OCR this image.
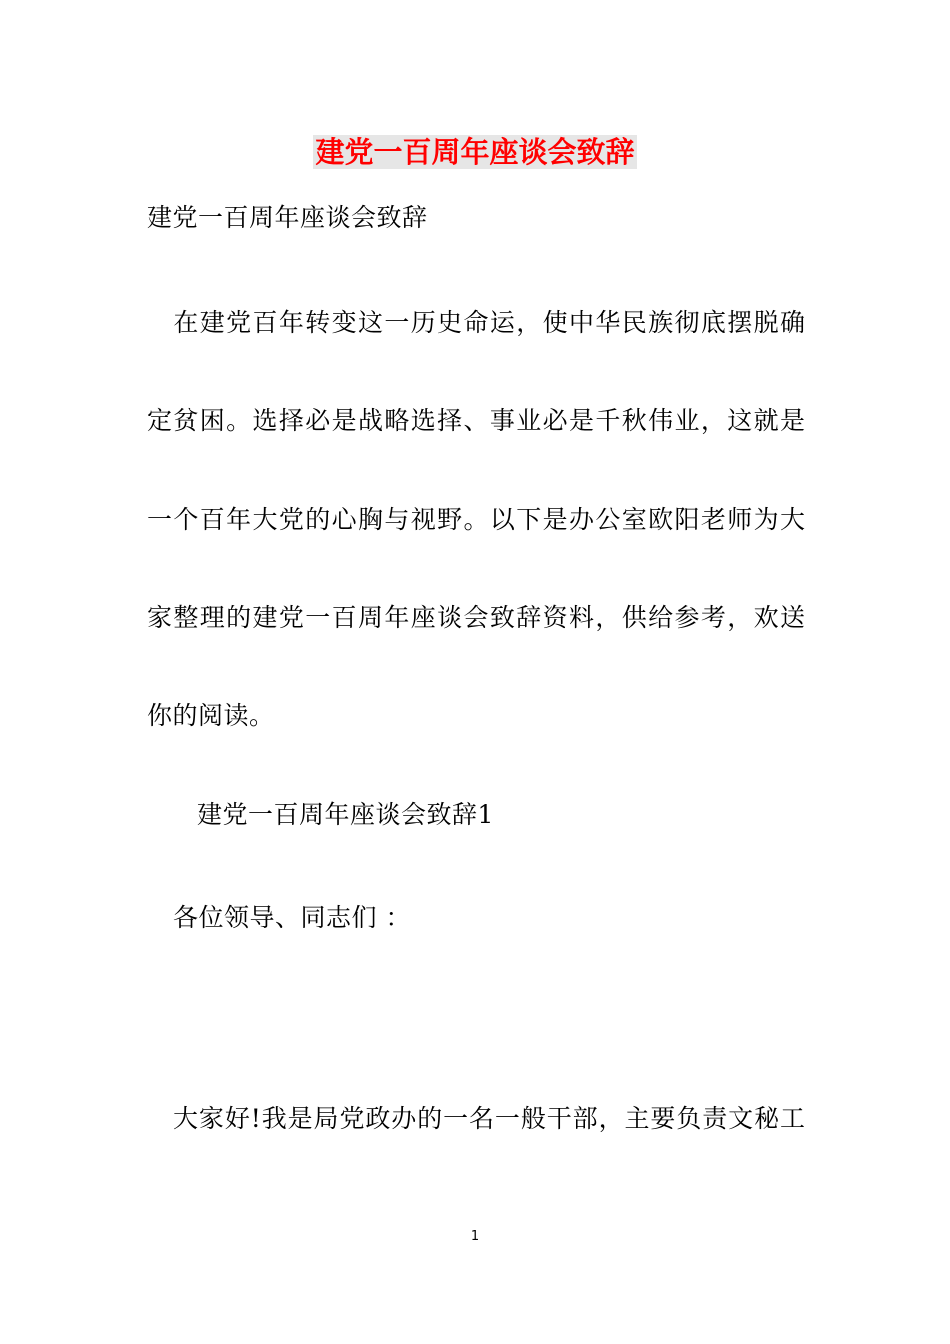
建党一百周年座谈会致辞
建党一百周年座谈会致辞
　在建党百年转变这一历史命运，使中华民族彻底摆脱确
定贫困。选择必是战略选择、事业必是千秋伟业，这就是
一个百年大党的心胸与视野。以下是办公室欧阳老师为大
家整理的建党一百周年座谈会致辞资料，供给参考，欢送
你的阅读。
建党一百周年座谈会致辞1
各位领导、同志们 ：
大家好!我是局党政办的一名一般干部，主要负责文秘工
1
